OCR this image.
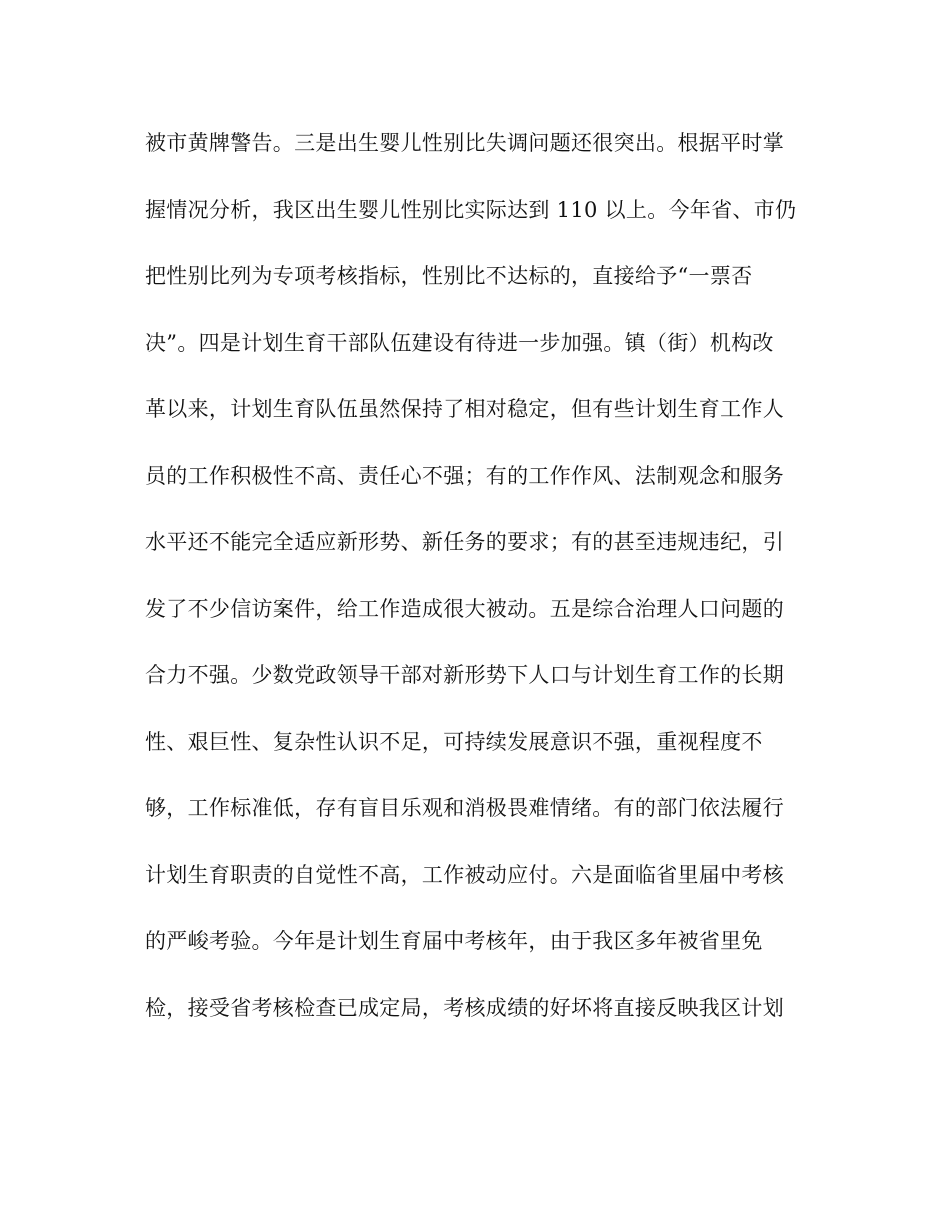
被市黄牌警告。三是出生婴儿性别比失调问题还很突出。根据平时掌
握情况分析，我区出生婴儿性别比实际达到 110 以上。今年省、市仍
把性别比列为专项考核指标，性别比不达标的，直接给予“一票否
决”。四是计划生育干部队伍建设有待进一步加强。镇（街）机构改
革以来，计划生育队伍虽然保持了相对稳定，但有些计划生育工作人
员的工作积极性不高、责任心不强；有的工作作风、法制观念和服务
水平还不能完全适应新形势、新任务的要求；有的甚至违规违纪，引
发了不少信访案件，给工作造成很大被动。五是综合治理人口问题的
合力不强。少数党政领导干部对新形势下人口与计划生育工作的长期
性、艰巨性、复杂性认识不足，可持续发展意识不强，重视程度不
够，工作标准低，存有盲目乐观和消极畏难情绪。有的部门依法履行
计划生育职责的自觉性不高，工作被动应付。六是面临省里届中考核
的严峻考验。今年是计划生育届中考核年，由于我区多年被省里免
检，接受省考核检查已成定局，考核成绩的好坏将直接反映我区计划
